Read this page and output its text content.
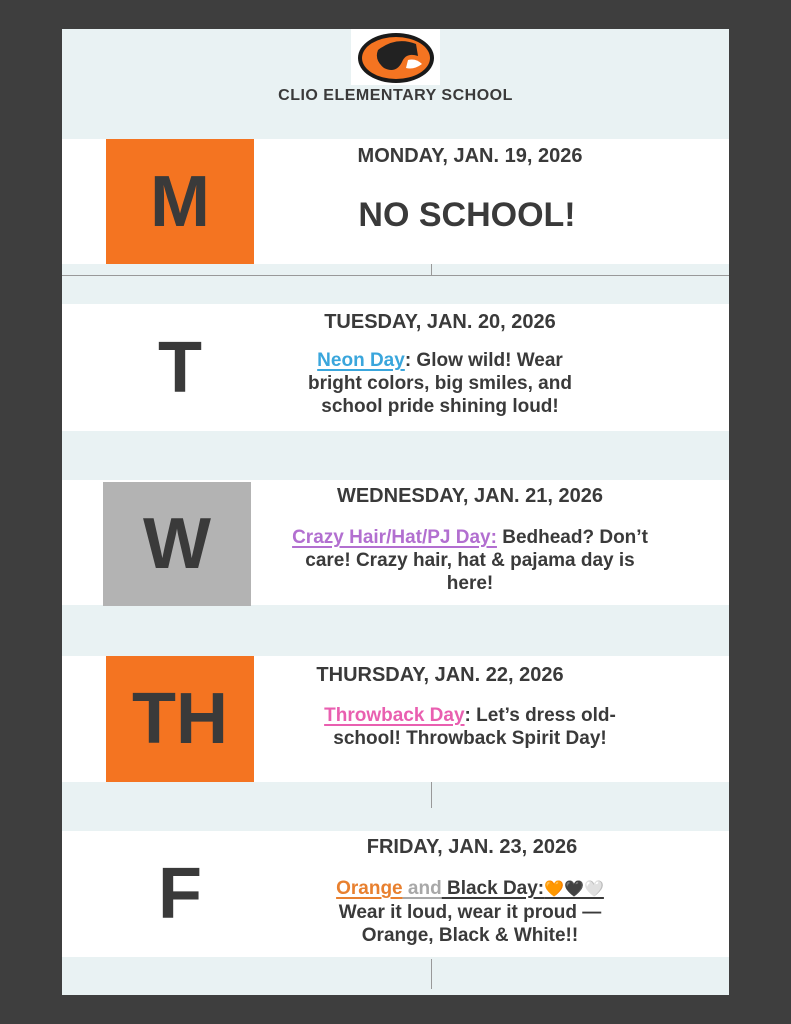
CLIO ELEMENTARY SCHOOL
M
MONDAY, JAN. 19, 2026
NO SCHOOL!
T
TUESDAY, JAN. 20, 2026
Neon Day: Glow wild! Wear bright colors, big smiles, and school pride shining loud!
W
WEDNESDAY, JAN. 21, 2026
Crazy Hair/Hat/PJ Day: Bedhead? Don’t care! Crazy hair, hat & pajama day is here!
TH
THURSDAY, JAN. 22, 2026
Throwback Day: Let’s dress old-school! Throwback Spirit Day!
F
FRIDAY, JAN. 23, 2026
Orange and Black Day:🧡🖤🤍
Wear it loud, wear it proud — Orange, Black & White!!
